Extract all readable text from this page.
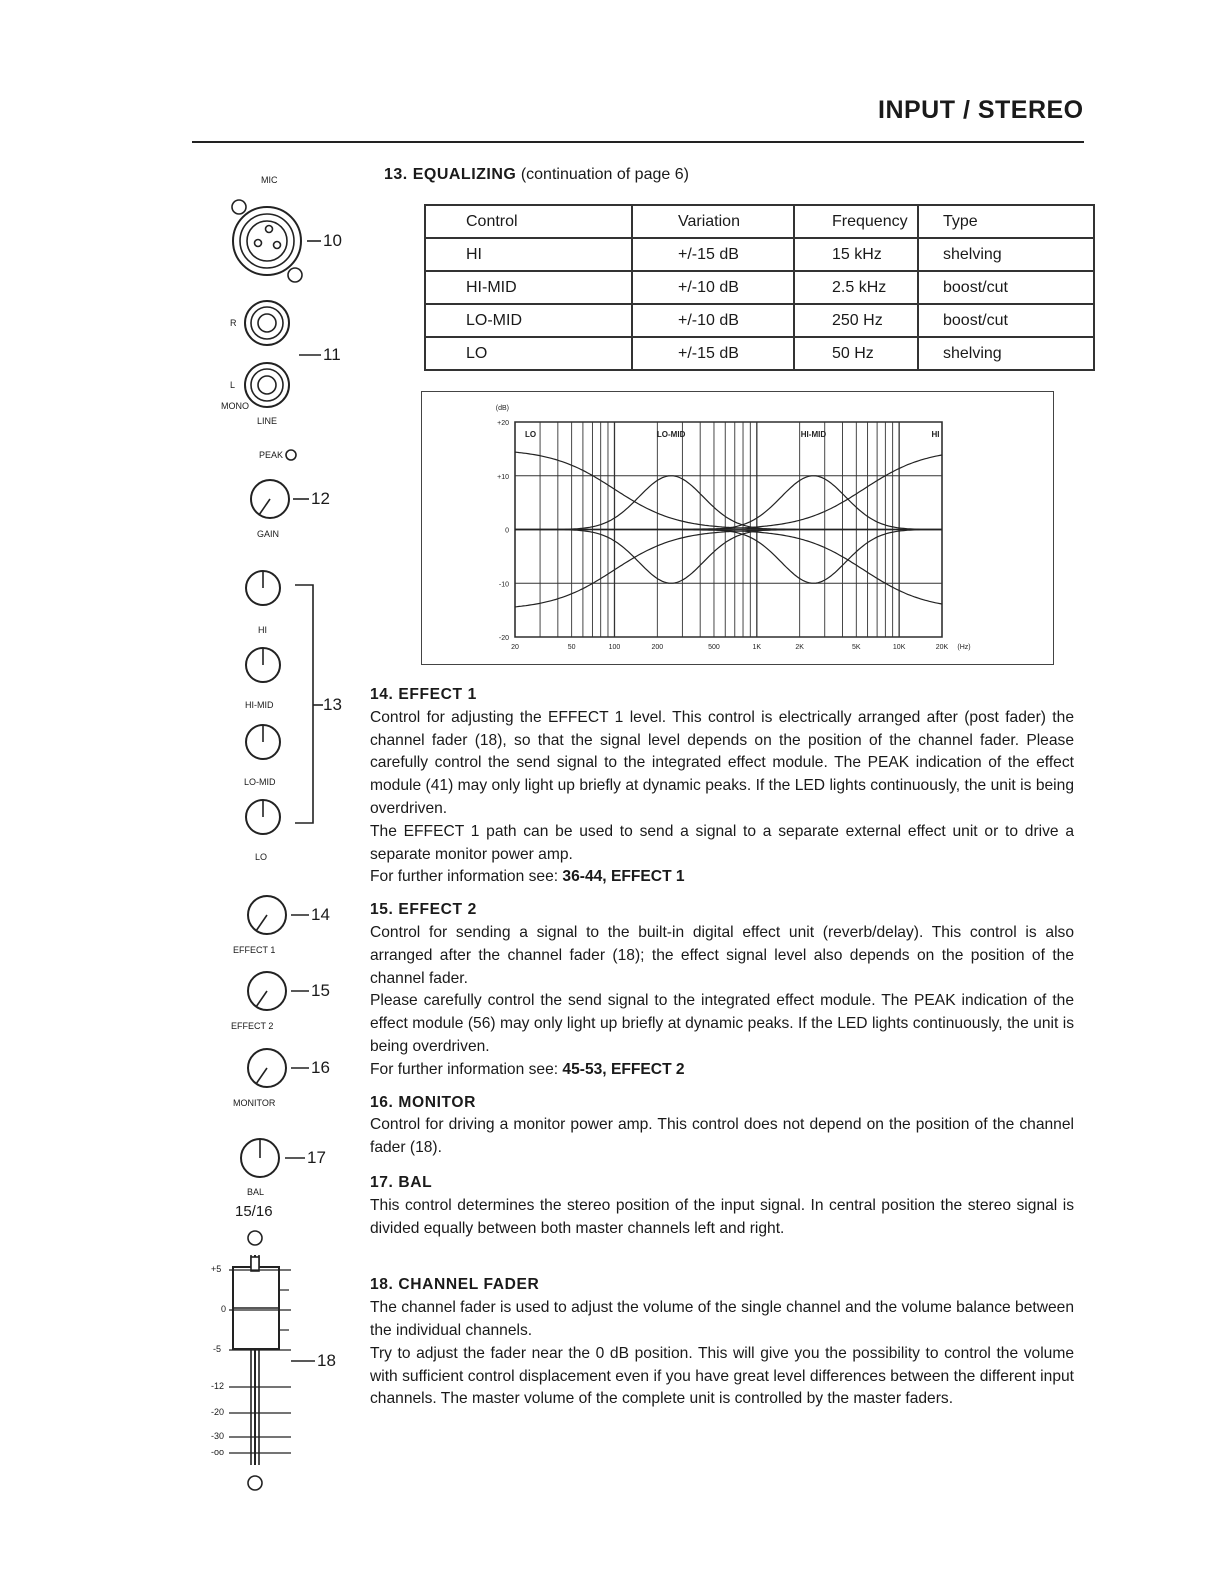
INPUT / STEREO
13. EQUALIZING (continuation of page 6)
Control	Variation	Frequency	Type
HI	+/-15 dB	15 kHz	shelving
HI-MID	+/-10 dB	2.5 kHz	boost/cut
LO-MID	+/-10 dB	250 Hz	boost/cut
LO	+/-15 dB	50 Hz	shelving
+20
+10
0
-10
-20
(dB)
20	50	100	200	500	1K	2K	5K	10K	20K (Hz)
LO	LO-MID	HI-MID	HI
14. EFFECT 1

Control for adjusting the EFFECT 1 level. This control is electrically arranged after (post fader) the channel fader (18), so that the signal level depends on the position of the channel fader. Please carefully control the send signal to the integrated effect module. The PEAK indication of the effect module (41) may only light up briefly at dynamic peaks. If the LED lights continuously, the unit is being overdriven.

The EFFECT 1 path can be used to send a signal to a separate external effect unit or to drive a separate monitor power amp.

For further information see: 36-44, EFFECT 1

15. EFFECT 2

Control for sending a signal to the built-in digital effect unit (reverb/delay). This control is also arranged after the channel fader (18); the effect signal level also depends on the position of the channel fader.

Please carefully control the send signal to the integrated effect module. The PEAK indication of the effect module (56) may only light up briefly at dynamic peaks. If the LED lights continuously, the unit is being overdriven.

For further information see: 45-53, EFFECT 2

16. MONITOR

Control for driving a monitor power amp. This control does not depend on the position of the channel fader (18).

17. BAL

This control determines the stereo position of the input signal. In central position the stereo signal is divided equally between both master channels left and right.

18. CHANNEL FADER

The channel fader is used to adjust the volume of the single channel and the volume balance between the individual channels.

Try to adjust the fader near the 0 dB position. This will give you the possibility to control the volume with sufficient control displacement even if you have great level differences between the different input channels. The master volume of the complete unit is controlled by the master faders.

10
11
12
13
14
15
16
17
18
MIC
R
L
MONO
LINE
PEAK
GAIN
HI
HI-MID
LO-MID
LO
EFFECT 1
EFFECT 2
MONITOR
BAL
15/16
+5
0
-5
-12
-20
-30
-oo
